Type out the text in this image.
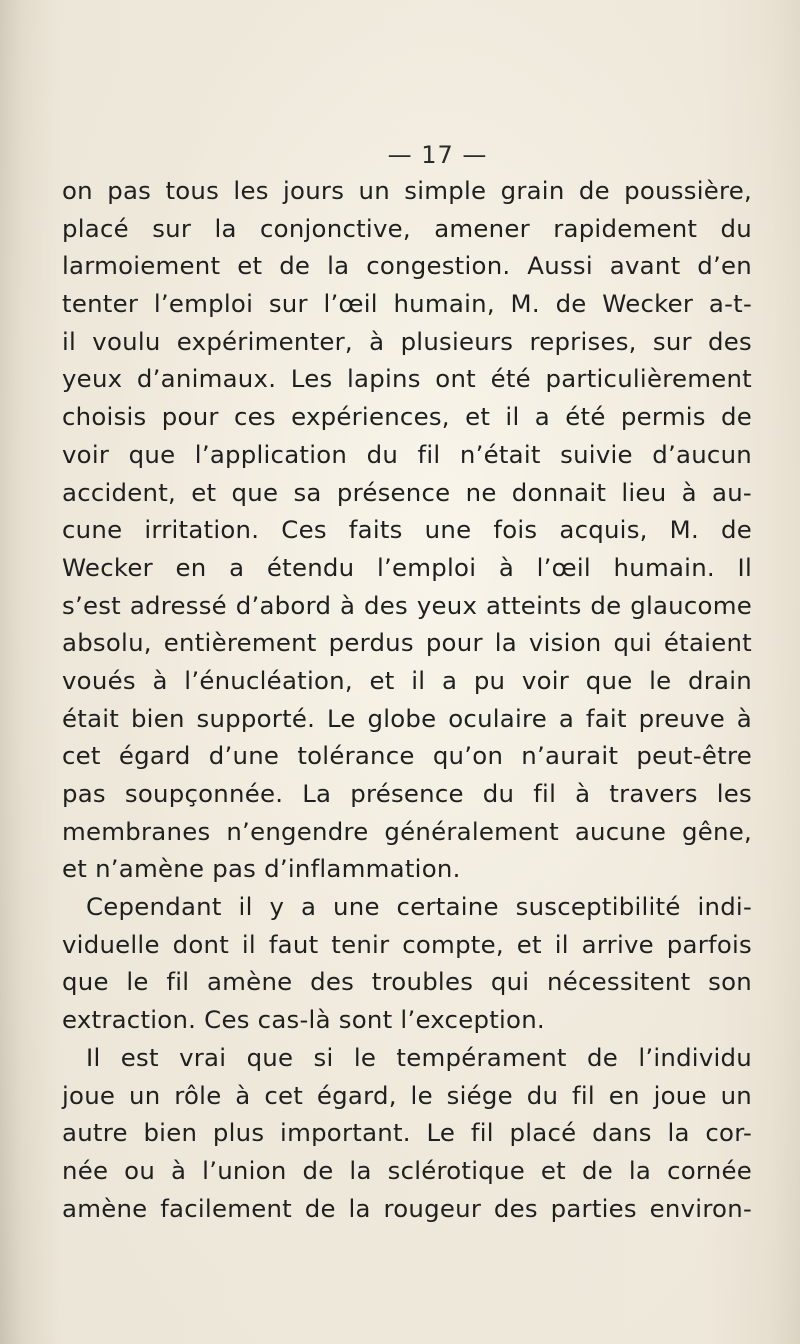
— 17 —
on pas tous les jours un simple grain de poussière,
placé sur la conjonctive, amener rapidement du
larmoiement et de la congestion. Aussi avant d’en
tenter l’emploi sur l’œil humain, M. de Wecker a-t-
il voulu expérimenter, à plusieurs reprises, sur des
yeux d’animaux. Les lapins ont été particulièrement
choisis pour ces expériences, et il a été permis de
voir que l’application du fil n’était suivie d’aucun
accident, et que sa présence ne donnait lieu à au-
cune irritation. Ces faits une fois acquis, M. de
Wecker en a étendu l’emploi à l’œil humain. Il
s’est adressé d’abord à des yeux atteints de glaucome
absolu, entièrement perdus pour la vision qui étaient
voués à l’énucléation, et il a pu voir que le drain
était bien supporté. Le globe oculaire a fait preuve à
cet égard d’une tolérance qu’on n’aurait peut-être
pas soupçonnée. La présence du fil à travers les
membranes n’engendre généralement aucune gêne,
et n’amène pas d’inflammation.
Cependant il y a une certaine susceptibilité indi-
viduelle dont il faut tenir compte, et il arrive parfois
que le fil amène des troubles qui nécessitent son
extraction. Ces cas-là sont l’exception.
Il est vrai que si le tempérament de l’individu
joue un rôle à cet égard, le siége du fil en joue un
autre bien plus important. Le fil placé dans la cor-
née ou à l’union de la sclérotique et de la cornée
amène facilement de la rougeur des parties environ-
